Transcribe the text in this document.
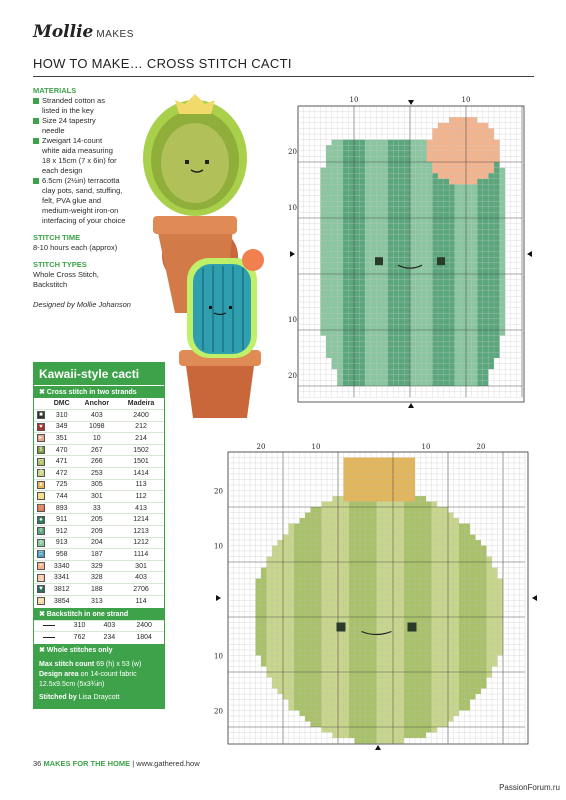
Mollie MAKES
HOW TO MAKE… CROSS STITCH CACTI
MATERIALS
Stranded cotton as listed in the key
Size 24 tapestry needle
Zweigart 14-count white aida measuring 18 x 15cm (7 x 6in) for each design
6.5cm (2½in) terracotta clay pots, sand, stuffing, felt, PVA glue and medium-weight iron-on interfacing of your choice
STITCH TIME
8-10 hours each (approx)
STITCH TYPES
Whole Cross Stitch,
Backstitch
Designed by Mollie Johanson
Kawaii-style cacti
✖ Cross stitch in two strands
	DMC	Anchor	Madeira
■	310	403	2400
♥	349	1098	212
▸	351	10	214
$	470	267	1502
▽	471	266	1501
?	472	253	1414
♦	725	305	113
○	744	301	112
♡	893	33	413
♠	911	205	1214
◊	912	209	1213
◊	913	204	1212
♖	958	187	1114
+	3340	329	301
ʒ	3341	328	403
▼	3812	188	2706
☆	3854	313	114
✖ Backstitch in one strand
	310	403	2400
	762	234	1804
✖ Whole stitches only
Max stitch count 69 (h) x 53 (w)
Design area on 14-count fabric 12.5x9.5cm (5x3¾in)
Stitched by Lisa Draycott
10	10
20
10
10
20
20	10	10	20
20
10
10
20
36 MAKES FOR THE HOME | www.gathered.how
PassionForum.ru
